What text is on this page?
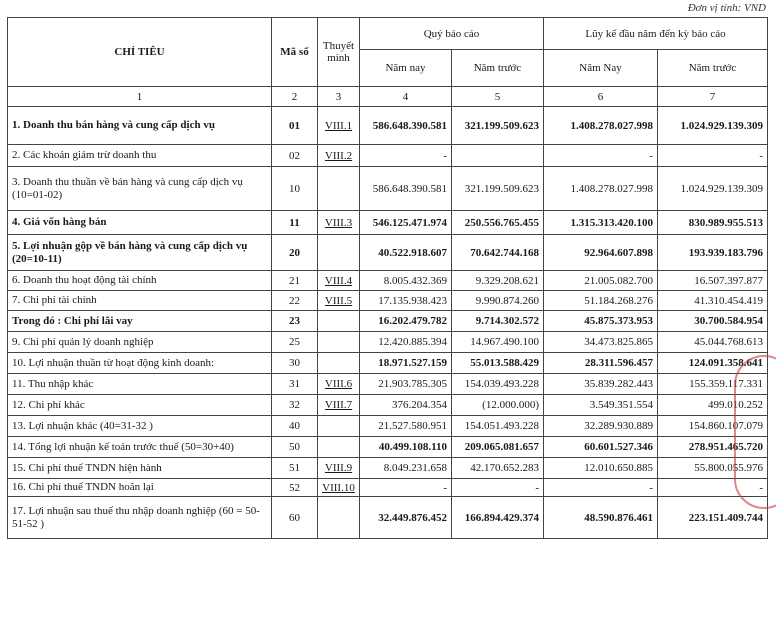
Đơn vị tính: VND
CHỈ TIÊU	Mã số	Thuyết minh	Quý báo cáo		Lũy kế đầu năm đến kỳ báo cáo	
			Năm nay	Năm trước	Năm Nay	Năm trước
1	2	3	4	5	6	7
1. Doanh thu bán hàng và cung cấp dịch vụ	01	VIII.1	586.648.390.581	321.199.509.623	1.408.278.027.998	1.024.929.139.309
2. Các khoản giảm trừ doanh thu	02	VIII.2	-		-	-
3. Doanh thu thuần về bán hàng và cung cấp dịch vụ (10=01-02)	10		586.648.390.581	321.199.509.623	1.408.278.027.998	1.024.929.139.309
4. Giá vốn hàng bán	11	VIII.3	546.125.471.974	250.556.765.455	1.315.313.420.100	830.989.955.513
5. Lợi nhuận gộp về bán hàng và cung cấp dịch vụ (20=10-11)	20		40.522.918.607	70.642.744.168	92.964.607.898	193.939.183.796
6. Doanh thu hoạt động tài chính	21	VIII.4	8.005.432.369	9.329.208.621	21.005.082.700	16.507.397.877
7. Chi phí tài chính	22	VIII.5	17.135.938.423	9.990.874.260	51.184.268.276	41.310.454.419
Trong đó : Chi phí lãi vay	23		16.202.479.782	9.714.302.572	45.875.373.953	30.700.584.954
9. Chi phí quản lý doanh nghiệp	25		12.420.885.394	14.967.490.100	34.473.825.865	45.044.768.613
10. Lợi nhuận thuần từ hoạt động kinh doanh:	30		18.971.527.159	55.013.588.429	28.311.596.457	124.091.358.641
11. Thu nhập khác	31	VIII.6	21.903.785.305	154.039.493.228	35.839.282.443	155.359.117.331
12. Chi phí khác	32	VIII.7	376.204.354	(12.000.000)	3.549.351.554	499.010.252
13. Lợi nhuận khác (40=31-32 )	40		21.527.580.951	154.051.493.228	32.289.930.889	154.860.107.079
14. Tổng lợi nhuận kế toán trước thuế (50=30+40)	50		40.499.108.110	209.065.081.657	60.601.527.346	278.951.465.720
15. Chi phí thuế TNDN hiện hành	51	VIII.9	8.049.231.658	42.170.652.283	12.010.650.885	55.800.055.976
16. Chi phí thuế TNDN hoãn lại	52	VIII.10	-	-	-	-
17. Lợi nhuận sau thuế thu nhập doanh nghiệp (60 = 50-51-52 )	60		32.449.876.452	166.894.429.374	48.590.876.461	223.151.409.744
